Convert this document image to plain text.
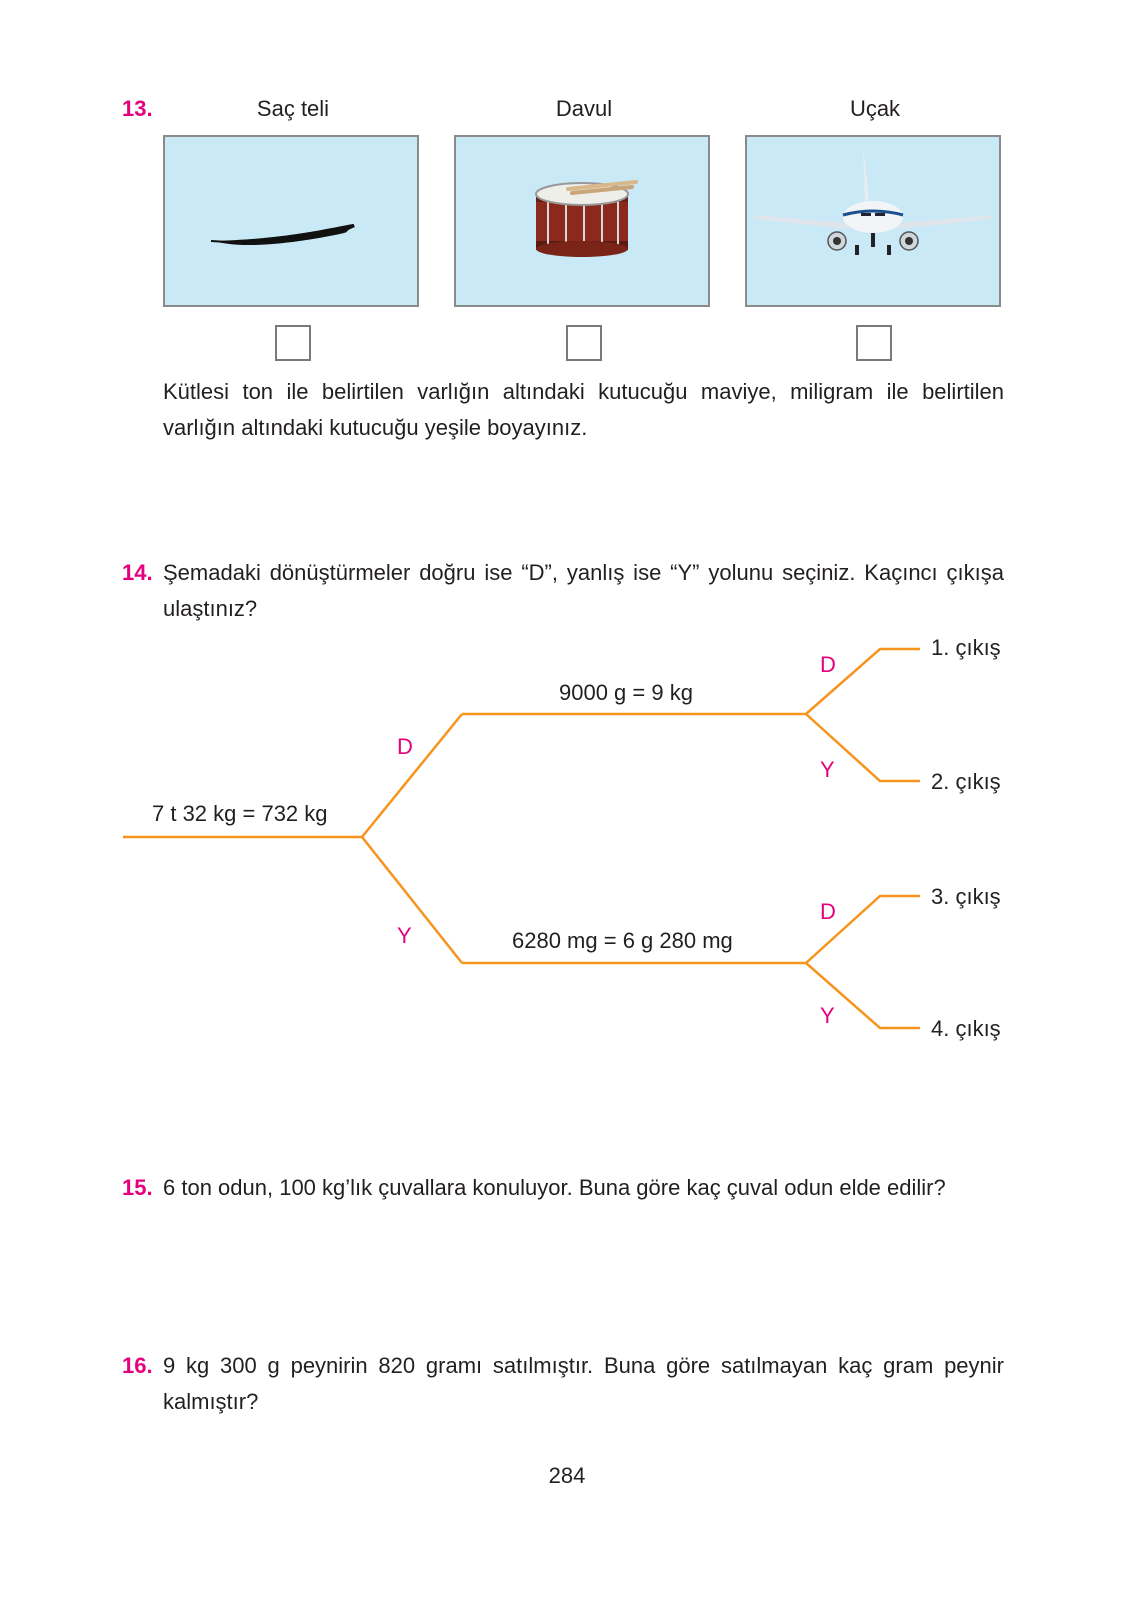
13.	Saç teli	Davul	Uçak
Kütlesi ton ile belirtilen varlığın altındaki kutucuğu maviye, miligram ile belirtilen varlığın altındaki kutucuğu yeşile boyayınız.
14. Şemadaki dönüştürmeler doğru ise “D”, yanlış ise “Y” yolunu seçiniz. Kaçıncı çıkışa ulaştınız?
7 t 32 kg = 732 kg
9000 g = 9 kg
6280 mg = 6 g 280 mg
D
Y
D
Y
D
Y
1. çıkış
2. çıkış
3. çıkış
4. çıkış
15. 6 ton odun, 100 kg’lık çuvallara konuluyor. Buna göre kaç çuval odun elde edilir?
16. 9 kg 300 g peynirin 820 gramı satılmıştır. Buna göre satılmayan kaç gram peynir kalmıştır?
284
